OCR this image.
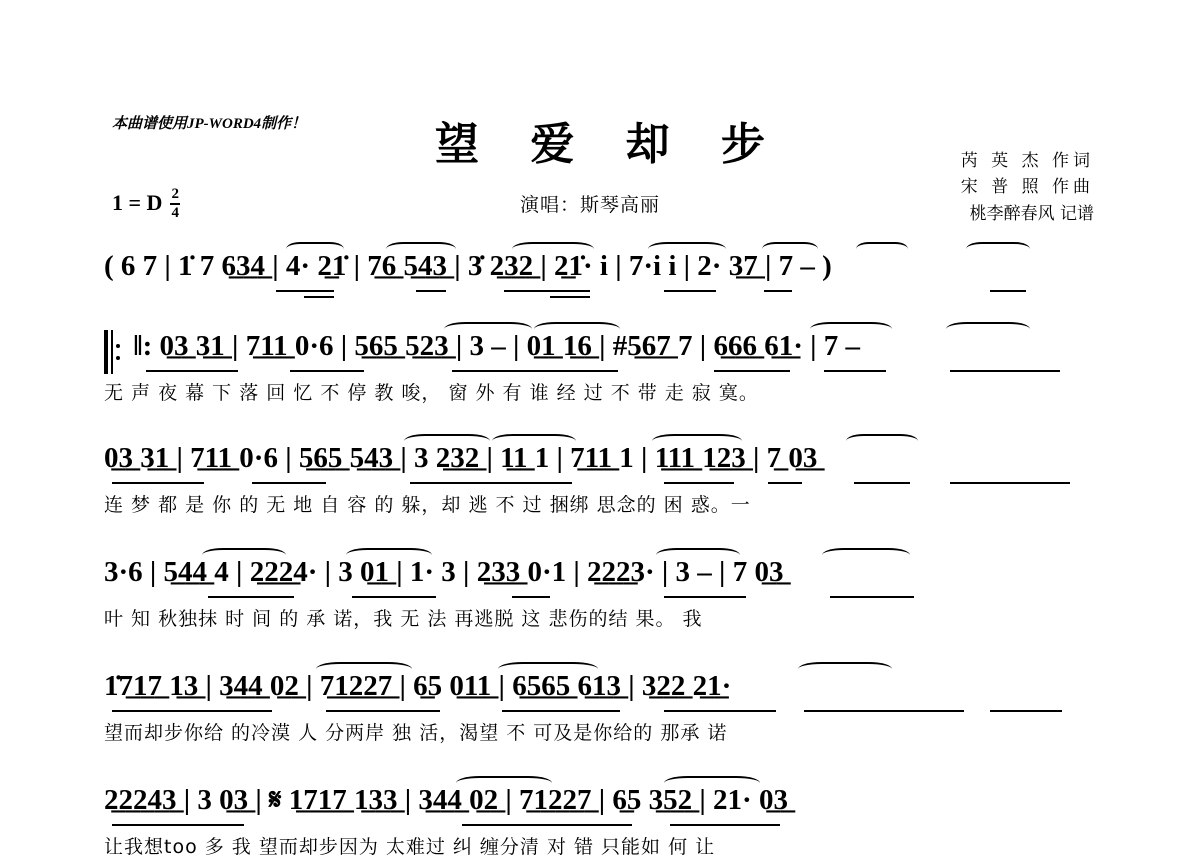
本曲谱使用JP-WORD4制作！	望 爱 却 步
1 = D $\frac{2}{4}$	演唱：斯琴高丽
芮 英 杰 作词
宋 普 照 作曲
桃李醉春风 记谱
( 6 7 | 1̇ 7 6̲3̲4̲ | 4· 2̲1̇ | 7̲6̲ 5̲4̲3̲ | 3̇ 2̲3̲2̲ | 2̲1̇· i | 7·i i | 2· 3̲7̲ | 7 – )
‖: 0̲3̲ 3̲1̲ | 7̲1̲1̲ 0·6 | 5̲6̲5̲ 5̲2̲3̲ | 3 – | 0̲1̲ 1̲6̲ | #5̲6̲7̲ 7 | 6̲6̲6̲ 6̲1̲· | 7 –
无 声 夜 幕 下 落 回 忆 不 停 教 唆， 窗 外 有 谁 经 过 不 带 走 寂 寞。
0̲3̲ 3̲1̲ | 7̲1̲1̲ 0·6 | 5̲6̲5̲ 5̲4̲3̲ | 3 2̲3̲2̲ | 1̲1̲ 1 | 7̲1̲1̲ 1 | 1̲1̲1̲ 1̲2̲3̲ | 7̲ 0̲3̲
连 梦 都 是 你 的 无 地 自 容 的 躲，却 逃 不 过 捆绑 思念的 困 惑。一
3·6 | 5̲4̲4̲ 4 | 2̲2̲2̲4· | 3 0̲1̲ | 1· 3 | 2̲3̲3̲ 0·1 | 2̲2̲2̲3· | 3 – | 7 0̲3̲
叶 知 秋独抹 时 间 的 承 诺，我 无 法 再逃脱 这 悲伤的结 果。 我
1̇7̲1̲7̲ 1̲3̲ | 3̲4̲4̲ 0̲2̲ | 7̲1̲2̲2̲7̲ | 6̲5 0̲1̲1̲ | 6̲5̲6̲5̲ 6̲1̲3̲ | 3̲2̲2̲ 2̲1̲·
望而却步你给 的冷漠 人 分两岸 独 活，渴望 不 可及是你给的 那承 诺
2̲2̲2̲4̲3̲ | 3 0̲3̲ | 𝄋 1̲7̲1̲7̲ 1̲3̲3̲ | 3̲4̲4̲ 0̲2̲ | 7̲1̲2̲2̲7̲ | 6̲5 3̲5̲2̲ | 21· 0̲3̲
让我想too 多 我 望而却步因为 太难过 纠 缠分清 对 错 只能如 何 让
